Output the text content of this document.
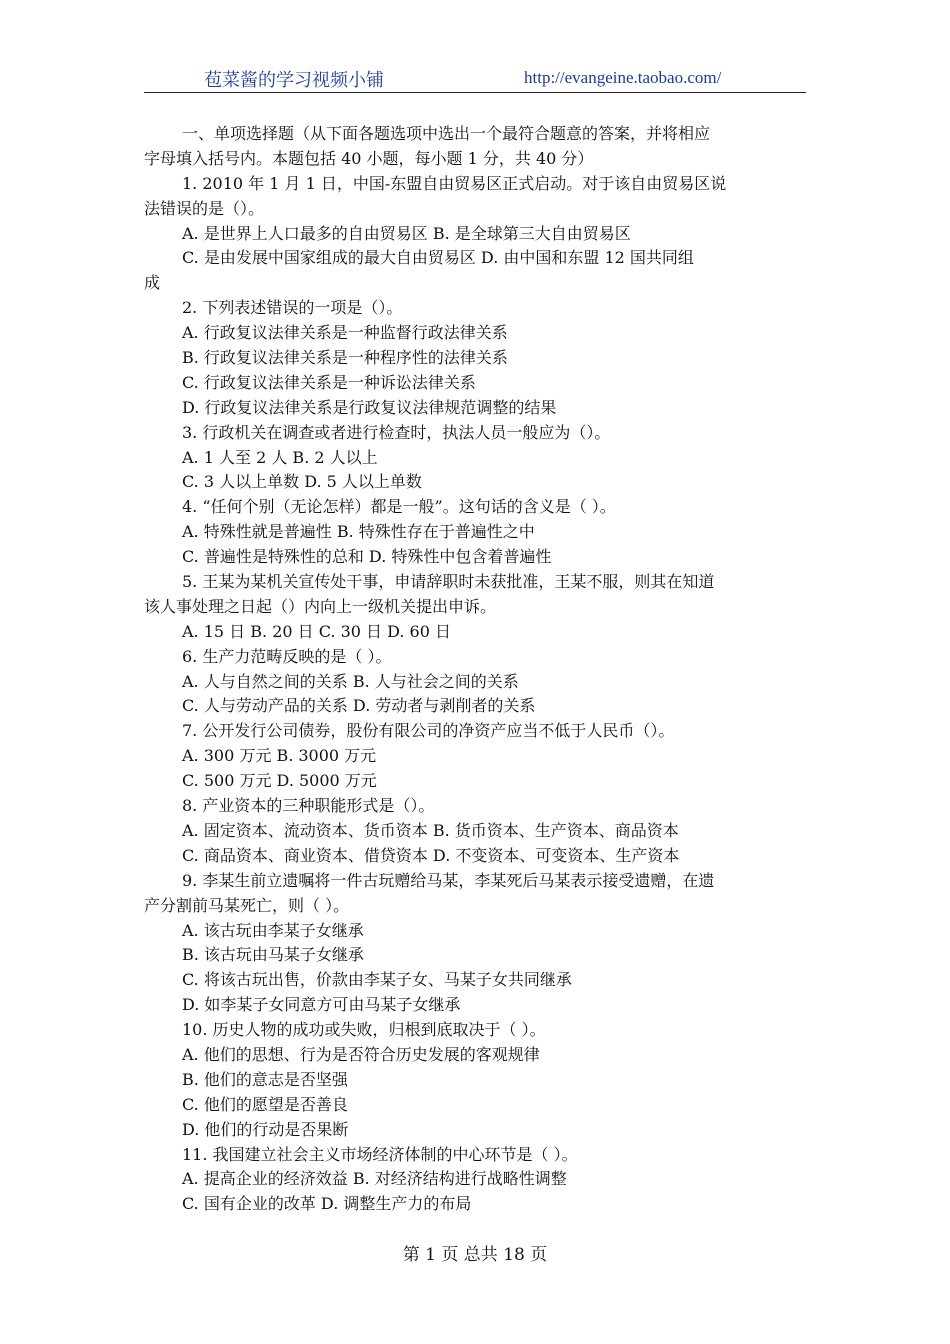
苞菜酱的学习视频小铺	http://evangeine.taobao.com/
一、单项选择题（从下面各题选项中选出一个最符合题意的答案，并将相应
字母填入括号内。本题包括 40 小题，每小题 1 分，共 40 分）
1. 2010 年 1 月 1 日，中国-东盟自由贸易区正式启动。对于该自由贸易区说
法错误的是（）。
A. 是世界上人口最多的自由贸易区 B. 是全球第三大自由贸易区
C. 是由发展中国家组成的最大自由贸易区 D. 由中国和东盟 12 国共同组
成
2. 下列表述错误的一项是（）。
A. 行政复议法律关系是一种监督行政法律关系
B. 行政复议法律关系是一种程序性的法律关系
C. 行政复议法律关系是一种诉讼法律关系
D. 行政复议法律关系是行政复议法律规范调整的结果
3. 行政机关在调查或者进行检查时，执法人员一般应为（）。
A. 1 人至 2 人 B. 2 人以上
C. 3 人以上单数 D. 5 人以上单数
4. “任何个别（无论怎样）都是一般”。这句话的含义是（ ）。
A. 特殊性就是普遍性 B. 特殊性存在于普遍性之中
C. 普遍性是特殊性的总和 D. 特殊性中包含着普遍性
5. 王某为某机关宣传处干事，申请辞职时未获批准，王某不服，则其在知道
该人事处理之日起（）内向上一级机关提出申诉。
A. 15 日 B. 20 日 C. 30 日 D. 60 日
6. 生产力范畴反映的是（ ）。
A. 人与自然之间的关系 B. 人与社会之间的关系
C. 人与劳动产品的关系 D. 劳动者与剥削者的关系
7. 公开发行公司债券，股份有限公司的净资产应当不低于人民币（）。
A. 300 万元 B. 3000 万元
C. 500 万元 D. 5000 万元
8. 产业资本的三种职能形式是（）。
A. 固定资本、流动资本、货币资本 B. 货币资本、生产资本、商品资本
C. 商品资本、商业资本、借贷资本 D. 不变资本、可变资本、生产资本
9. 李某生前立遗嘱将一件古玩赠给马某，李某死后马某表示接受遗赠，在遗
产分割前马某死亡，则（ ）。
A. 该古玩由李某子女继承
B. 该古玩由马某子女继承
C. 将该古玩出售，价款由李某子女、马某子女共同继承
D. 如李某子女同意方可由马某子女继承
10. 历史人物的成功或失败，归根到底取决于（ ）。
A. 他们的思想、行为是否符合历史发展的客观规律
B. 他们的意志是否坚强
C. 他们的愿望是否善良
D. 他们的行动是否果断
11. 我国建立社会主义市场经济体制的中心环节是（ ）。
A. 提高企业的经济效益 B. 对经济结构进行战略性调整
C. 国有企业的改革 D. 调整生产力的布局
第 1 页 总共 18 页
